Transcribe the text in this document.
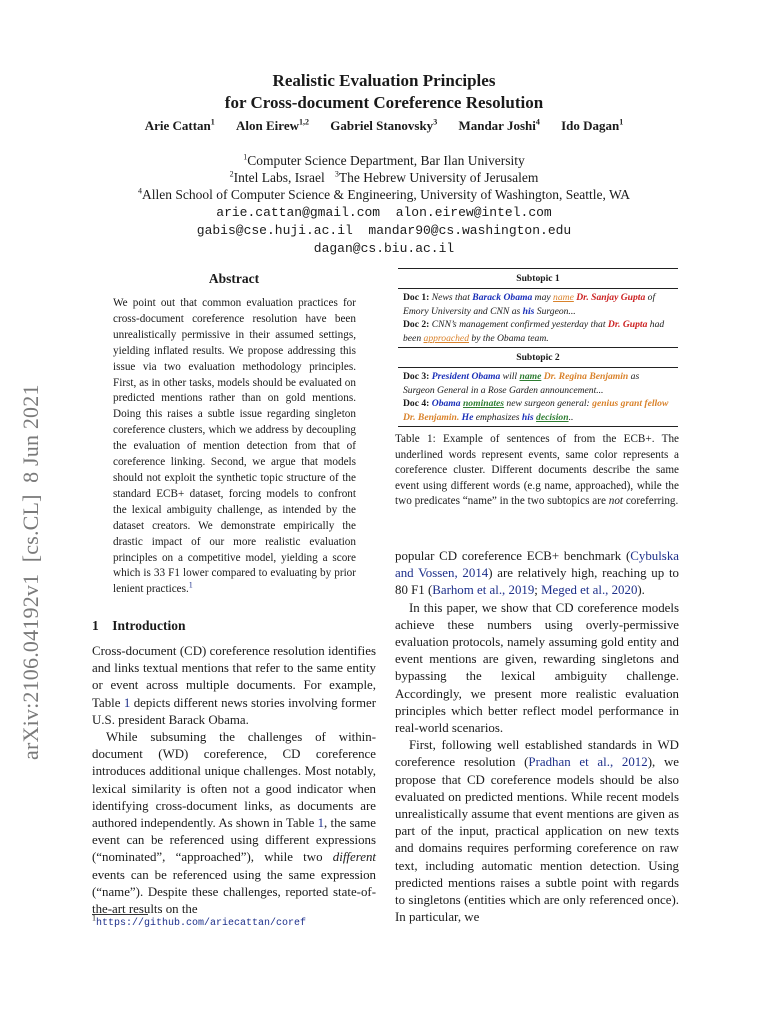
Realistic Evaluation Principles
for Cross-document Coreference Resolution
Arie Cattan$^1$ Alon Eirew$^{1,2}$ Gabriel Stanovsky$^3$ Mandar Joshi$^4$ Ido Dagan$^1$
$^1$Computer Science Department, Bar Ilan University
$^2$Intel Labs, Israel $^3$The Hebrew University of Jerusalem
$^4$Allen School of Computer Science & Engineering, University of Washington, Seattle, WA
arie.cattan@gmail.com  alon.eirew@intel.com
gabis@cse.huji.ac.il  mandar90@cs.washington.edu
dagan@cs.biu.ac.il
arXiv:2106.04192v1  [cs.CL]  8 Jun 2021
Abstract
We point out that common evaluation practices for cross-document coreference resolution have been unrealistically permissive in their assumed settings, yielding inflated results. We propose addressing this issue via two evaluation methodology principles. First, as in other tasks, models should be evaluated on predicted mentions rather than on gold mentions. Doing this raises a subtle issue regarding singleton coreference clusters, which we address by decoupling the evaluation of mention detection from that of coreference linking. Second, we argue that models should not exploit the synthetic topic structure of the standard ECB+ dataset, forcing models to confront the lexical ambiguity challenge, as intended by the dataset creators. We demonstrate empirically the drastic impact of our more realistic evaluation principles on a competitive model, yielding a score which is 33 F1 lower compared to evaluating by prior lenient practices.$^1$
1 Introduction

Cross-document (CD) coreference resolution identifies and links textual mentions that refer to the same entity or event across multiple documents. For example, Table 1 depicts different news stories involving former U.S. president Barack Obama.

While subsuming the challenges of within-document (WD) coreference, CD coreference introduces additional unique challenges. Most notably, lexical similarity is often not a good indicator when identifying cross-document links, as documents are authored independently. As shown in Table 1, the same event can be referenced using different expressions (“nominated”, “approached”), while two different events can be referenced using the same expression (“name”). Despite these challenges, reported state-of-the-art results on the

$^1$https://github.com/ariecattan/coref
Subtopic 1
Doc 1: News that Barack Obama may name Dr. Sanjay Gupta of Emory University and CNN as his Surgeon...
Doc 2: CNN’s management confirmed yesterday that Dr. Gupta had been approached by the Obama team.
Subtopic 2
Doc 3: President Obama will name Dr. Regina Benjamin as Surgeon General in a Rose Garden announcement...
Doc 4: Obama nominates new surgeon general: genius grant fellow Dr. Benjamin. He emphasizes his decision..
Table 1: Example of sentences of from the ECB+. The underlined words represent events, same color represents a coreference cluster. Different documents describe the same event using different words (e.g name, approached), while the two predicates “name” in the two subtopics are not coreferring.

popular CD coreference ECB+ benchmark (Cybulska and Vossen, 2014) are relatively high, reaching up to 80 F1 (Barhom et al., 2019; Meged et al., 2020).

In this paper, we show that CD coreference models achieve these numbers using overly-permissive evaluation protocols, namely assuming gold entity and event mentions are given, rewarding singletons and bypassing the lexical ambiguity challenge. Accordingly, we present more realistic evaluation principles which better reflect model performance in real-world scenarios.

First, following well established standards in WD coreference resolution (Pradhan et al., 2012), we propose that CD coreference models should be also evaluated on predicted mentions. While recent models unrealistically assume that event mentions are given as part of the input, practical application on new texts and domains requires performing coreference on raw text, including automatic mention detection. Using predicted mentions raises a subtle point with regards to singletons (entities which are only referenced once). In particular, we
